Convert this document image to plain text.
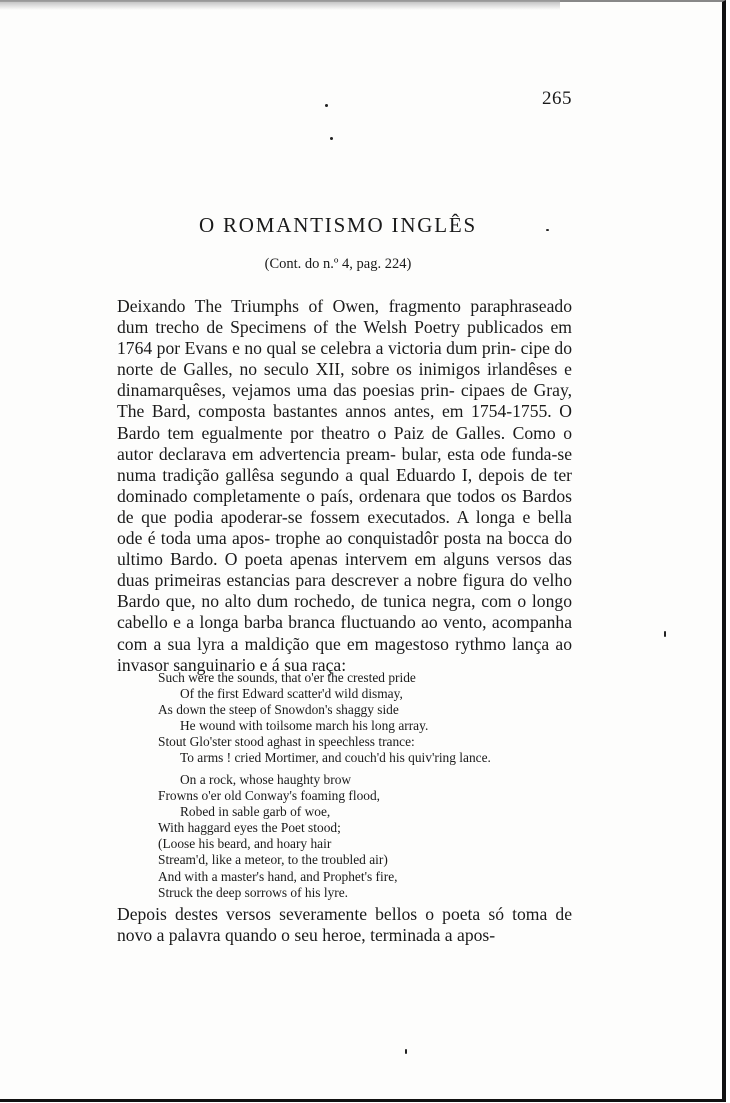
265
O ROMANTISMO INGLÊS
(Cont. do n.º 4, pag. 224)

Deixando The Triumphs of Owen, fragmento paraphraseado dum trecho de Specimens of the Welsh Poetry publicados em 1764 por Evans e no qual se celebra a victoria dum prin- cipe do norte de Galles, no seculo XII, sobre os inimigos irlandêses e dinamarquêses, vejamos uma das poesias prin- cipaes de Gray, The Bard, composta bastantes annos antes, em 1754-1755. O Bardo tem egualmente por theatro o Paiz de Galles. Como o autor declarava em advertencia pream- bular, esta ode funda-se numa tradição gallêsa segundo a qual Eduardo I, depois de ter dominado completamente o país, ordenara que todos os Bardos de que podia apoderar-se fossem executados. A longa e bella ode é toda uma apos- trophe ao conquistadôr posta na bocca do ultimo Bardo. O poeta apenas intervem em alguns versos das duas primeiras estancias para descrever a nobre figura do velho Bardo que, no alto dum rochedo, de tunica negra, com o longo cabello e a longa barba branca fluctuando ao vento, acompanha com a sua lyra a maldição que em magestoso rythmo lança ao invasor sanguinario e á sua raça:

Such were the sounds, that o'er the crested pride
Of the first Edward scatter'd wild dismay,
As down the steep of Snowdon's shaggy side
He wound with toilsome march his long array.
Stout Glo'ster stood aghast in speechless trance:
To arms ! cried Mortimer, and couch'd his quiv'ring lance.
On a rock, whose haughty brow
Frowns o'er old Conway's foaming flood,
Robed in sable garb of woe,
With haggard eyes the Poet stood;
(Loose his beard, and hoary hair
Stream'd, like a meteor, to the troubled air)
And with a master's hand, and Prophet's fire,
Struck the deep sorrows of his lyre.

Depois destes versos severamente bellos o poeta só toma de novo a palavra quando o seu heroe, terminada a apos-
